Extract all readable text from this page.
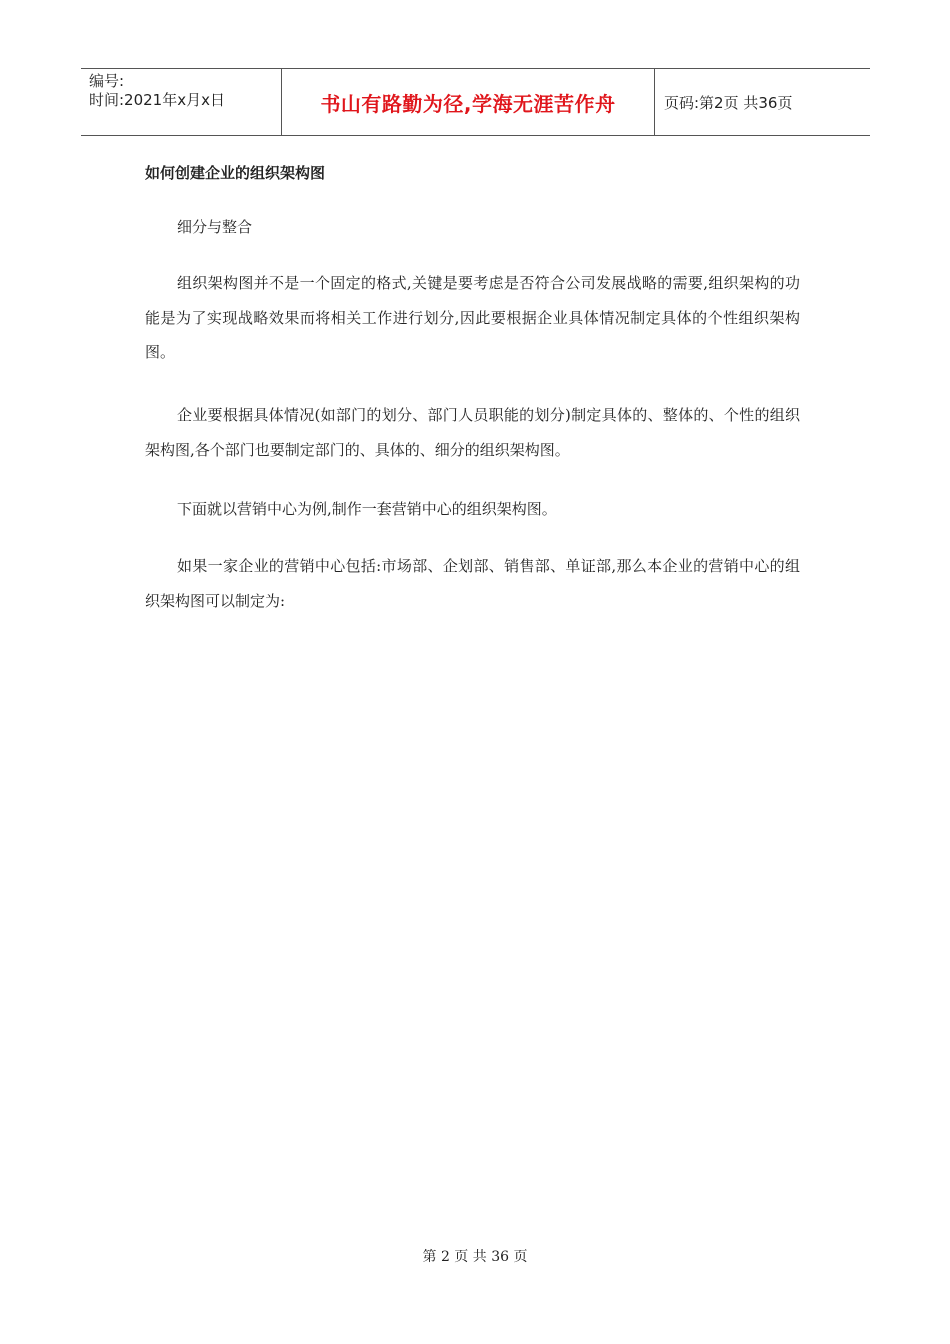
编号:
时间:2021年x月x日	书山有路勤为径,学海无涯苦作舟	页码:第2页 共36页
如何创建企业的组织架构图

细分与整合

组织架构图并不是一个固定的格式,关键是要考虑是否符合公司发展战略的需要,组织架构的功能是为了实现战略效果而将相关工作进行划分,因此要根据企业具体情况制定具体的个性组织架构图。

企业要根据具体情况(如部门的划分、部门人员职能的划分)制定具体的、整体的、个性的组织架构图,各个部门也要制定部门的、具体的、细分的组织架构图。

下面就以营销中心为例,制作一套营销中心的组织架构图。

如果一家企业的营销中心包括:市场部、企划部、销售部、单证部,那么本企业的营销中心的组织架构图可以制定为:

第 2 页 共 36 页
